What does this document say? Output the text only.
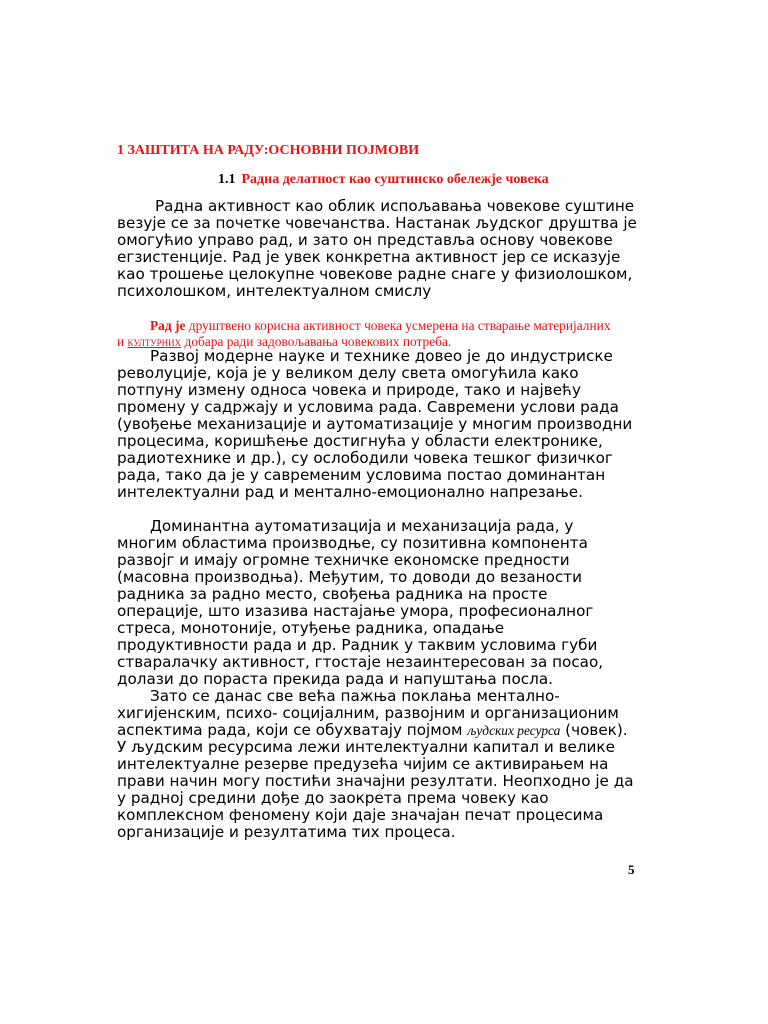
1 ЗАШТИТА НА РАДУ:ОСНОВНИ ПОЈМОВИ

1.1 Радна делатност као суштинско обележје човека

Радна активност као облик испољавања човекове суштине везује се за почетке човечанства. Настанак људског друштва је омогућио управо рад, и зато он представља основу човекове егзистенције. Рад је увек конкретна активност јер се исказује као трошење целокупне човекове радне снаге у физиолошком, психолошком, интелектуалном смислу

Рад је друштвено корисна активност човека усмерена на стварање материјалних и културних добара ради задовољавања човекових потреба.

Развој модерне науке и технике довео је до индустриске револуције, која је у великом делу света омогућила како потпуну измену односа човека и природе, тако и највећу промену у садржају и условима рада. Савремени услови рада (увођење механизације и аутоматизације у многим производни процесима, коришћење достигнућа у области електронике, радиотехнике и др.), су ослободили човека тешког физичког рада, тако да је у савременим условима постао доминантан интелектуални рад и ментално-емоционално напрезање.

Доминантна аутоматизација и механизација рада, у многим областима производње, су позитивна компонента развојг и имају огромне техничке економске предности (масовна производња). Међутим, то доводи до везаности радника за радно место, свођења радника на просте операције, што изазива настајање умора, професионалног стреса, монотоније, отуђење радника, опадање продуктивности рада и др. Радник у таквим условима губи стваралачку активност, гтостаје незаинтересован за посао, долази до пораста прекида рада и напуштања посла.

Зато се данас све већа пажња поклања ментално-хигијенским, психо- социјалним, развојним и организационим аспектима рада, који се обухватају појмом људских ресурса (човек). У људским ресурсима лежи интелектуални капитал и велике интелектуалне резерве предузећа чијим се активирањем на прави начин могу постићи значајни резултати. Неопходно је да у радној средини дође до заокрета према човеку као комплексном феномену који даје значајан печат процесима организације и резултатима тих процеса.

5
